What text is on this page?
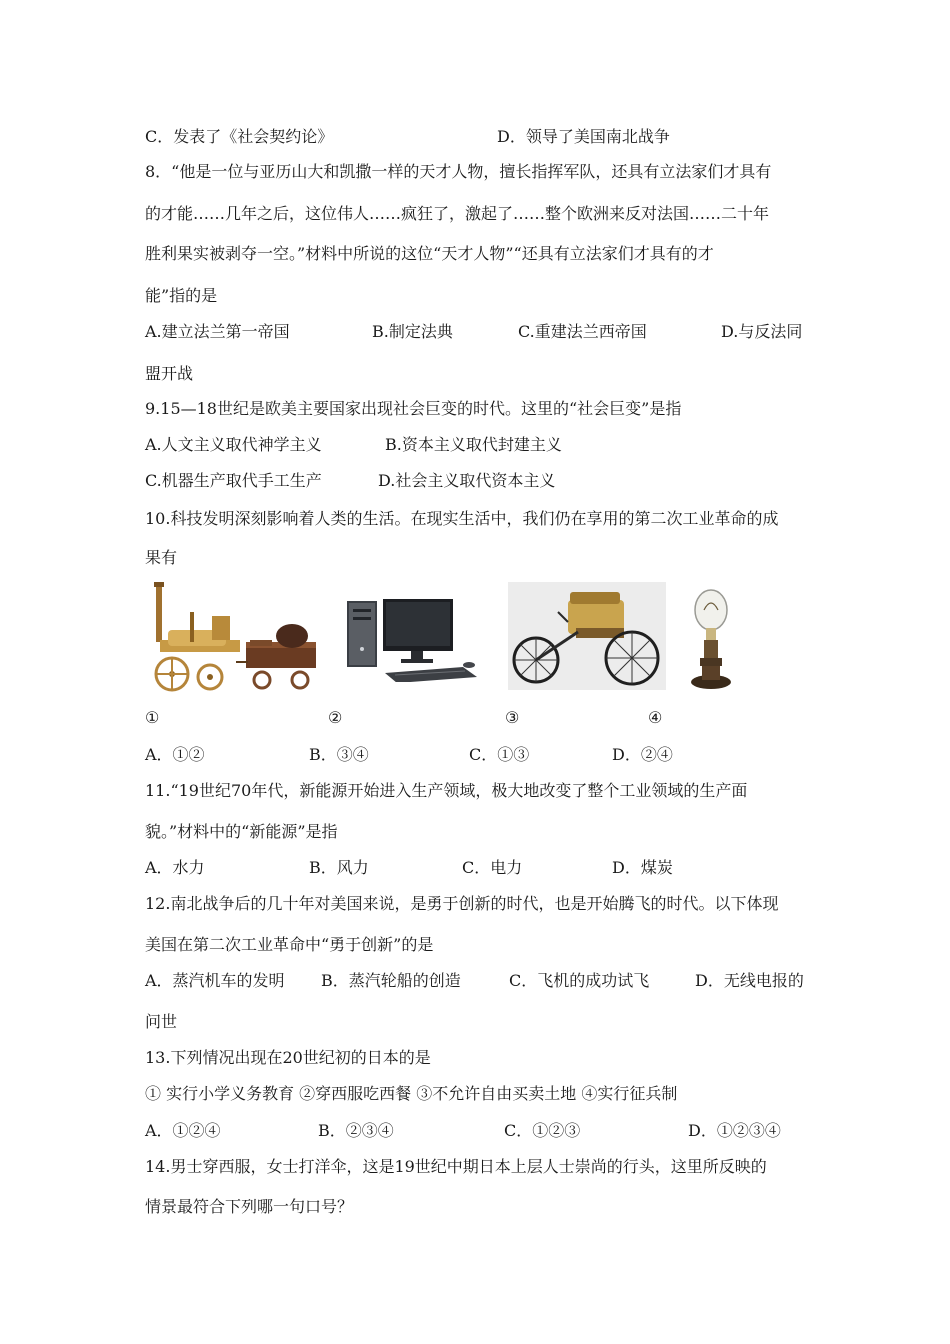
C．发表了《社会契约论》	D．领导了美国南北战争
8．“他是一位与亚历山大和凯撒一样的天才人物，擅长指挥军队，还具有立法家们才具有
的才能……几年之后，这位伟人……疯狂了，激起了……整个欧洲来反对法国……二十年
胜利果实被剥夺一空。”材料中所说的这位“天才人物”“还具有立法家们才具有的才
能”指的是
A.建立法兰第一帝国	B.制定法典	C.重建法兰西帝国	D.与反法同
盟开战
9.15—18世纪是欧美主要国家出现社会巨变的时代。这里的“社会巨变”是指
A.人文主义取代神学主义	B.资本主义取代封建主义
C.机器生产取代手工生产	D.社会主义取代资本主义
10.科技发明深刻影响着人类的生活。在现实生活中，我们仍在享用的第二次工业革命的成
果有
①	②	③	④
A．①②	B．③④	C．①③	D．②④
11.“19世纪70年代，新能源开始进入生产领域，极大地改变了整个工业领域的生产面
貌。”材料中的“新能源”是指
A．水力	B．风力	C．电力	D．煤炭
12.南北战争后的几十年对美国来说，是勇于创新的时代，也是开始腾飞的时代。以下体现
美国在第二次工业革命中“勇于创新”的是
A．蒸汽机车的发明 B．蒸汽轮船的创造	C．飞机的成功试飞	D．无线电报的
问世
13.下列情况出现在20世纪初的日本的是
① 实行小学义务教育 ②穿西服吃西餐 ③不允许自由买卖土地 ④实行征兵制
A．①②④	B．②③④	C．①②③	D．①②③④
14.男士穿西服，女士打洋伞，这是19世纪中期日本上层人士崇尚的行头，这里所反映的
情景最符合下列哪一句口号？
